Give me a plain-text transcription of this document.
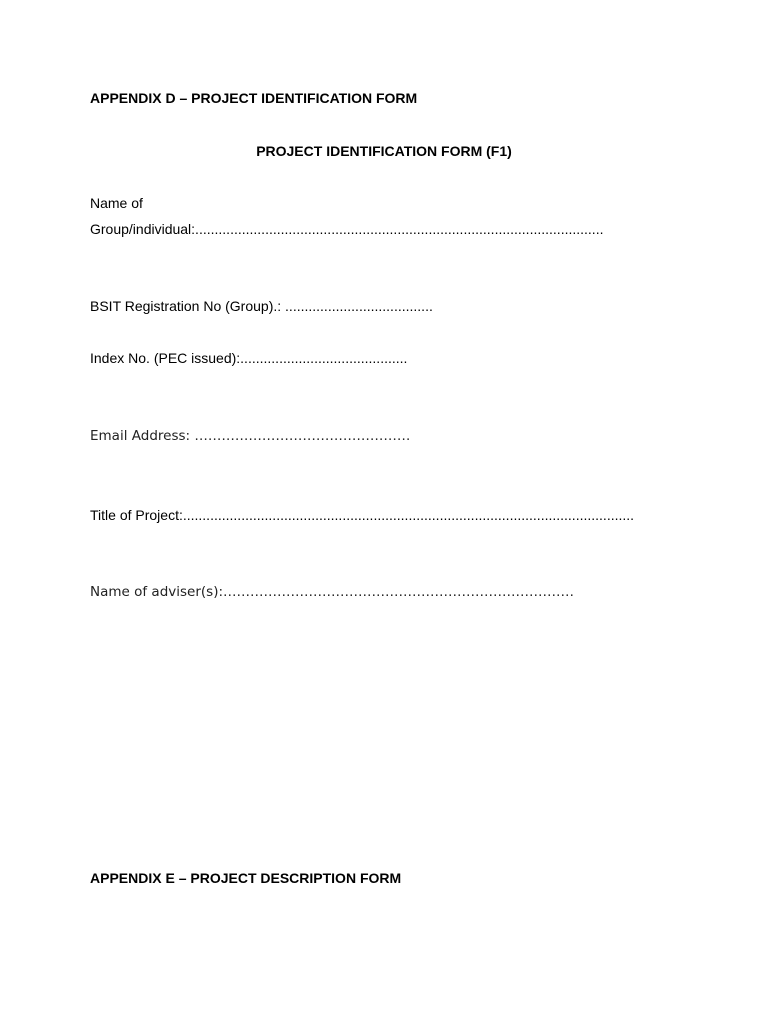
APPENDIX D – PROJECT IDENTIFICATION FORM
PROJECT IDENTIFICATION FORM (F1)
Name of
Group/individual:.........................................................................................................
BSIT Registration No (Group).: ......................................
Index No. (PEC issued):...........................................
Email Address: …………………………………………
Title of Project:....................................................................................................................
Name of adviser(s):……………………………………………………………………
APPENDIX E – PROJECT DESCRIPTION FORM
